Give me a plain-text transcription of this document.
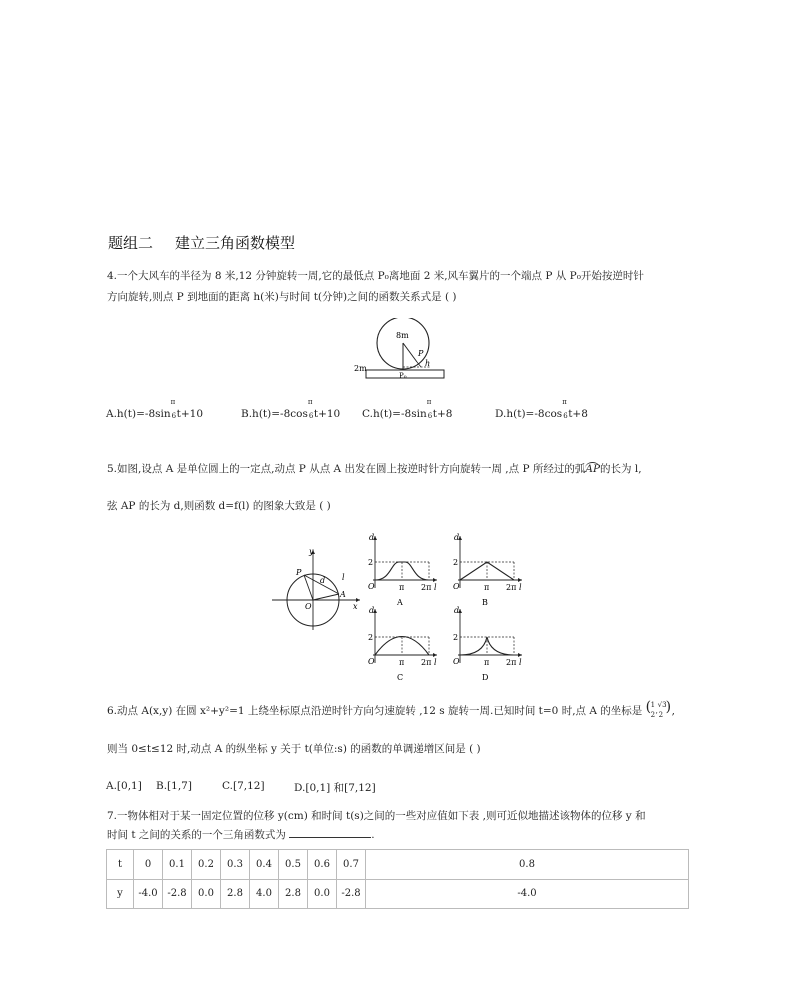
题组二 建立三角函数模型
4.一个大风车的半径为 8 米,12 分钟旋转一周,它的最低点 P₀离地面 2 米,风车翼片的一个端点 P 从 P₀开始按逆时针
方向旋转,则点 P 到地面的距离 h(米)与时间 t(分钟)之间的函数关系式是 ( )
8m
P
h
2m
P₀
A.h(t)=-8sin
π
6 t+10	B.h(t)=-8cos
π
6 t+10 C.h(t)=-8sin
π
6 t+8	D.h(t)=-8cos
π
6 t+8
5.如图,设点 A 是单位圆上的一定点,动点 P 从点 A 出发在圆上按逆时针方向旋转一周 ,点 P 所经过的弧AP的长为 l,
弦 AP 的长为 d,则函数 d=f(l) 的图象大致是 ( )
y
x
O
P
A
d l
d
2
O	π 2π l
A
d
2
O	π 2π l
B
d
2
O	π 2π l
C
d
2
O	π 2π l
D
6.动点 A(x,y) 在圆 x²+y²=1 上绕坐标原点沿逆时针方向匀速旋转 ,12 s 旋转一周.已知时间 t=0 时,点 A 的坐标是 ( 1
2 ,
√3
2 ) ,
则当 0≤t≤12 时,动点 A 的纵坐标 y 关于 t(单位:s) 的函数的单调递增区间是 ( )
A.[0,1] B.[1,7]	C.[7,12]	D.[0,1] 和[7,12]
7.一物体相对于某一固定位置的位移 y(cm) 和时间 t(s)之间的一些对应值如下表 ,则可近似地描述该物体的位移 y 和
时间 t 之间的关系的一个三角函数式为	.
t	0	0.1	0.2	0.3	0.4	0.5	0.6	0.7	0.8
y	-4.0	-2.8	0.0	2.8	4.0	2.8	0.0	-2.8	-4.0
